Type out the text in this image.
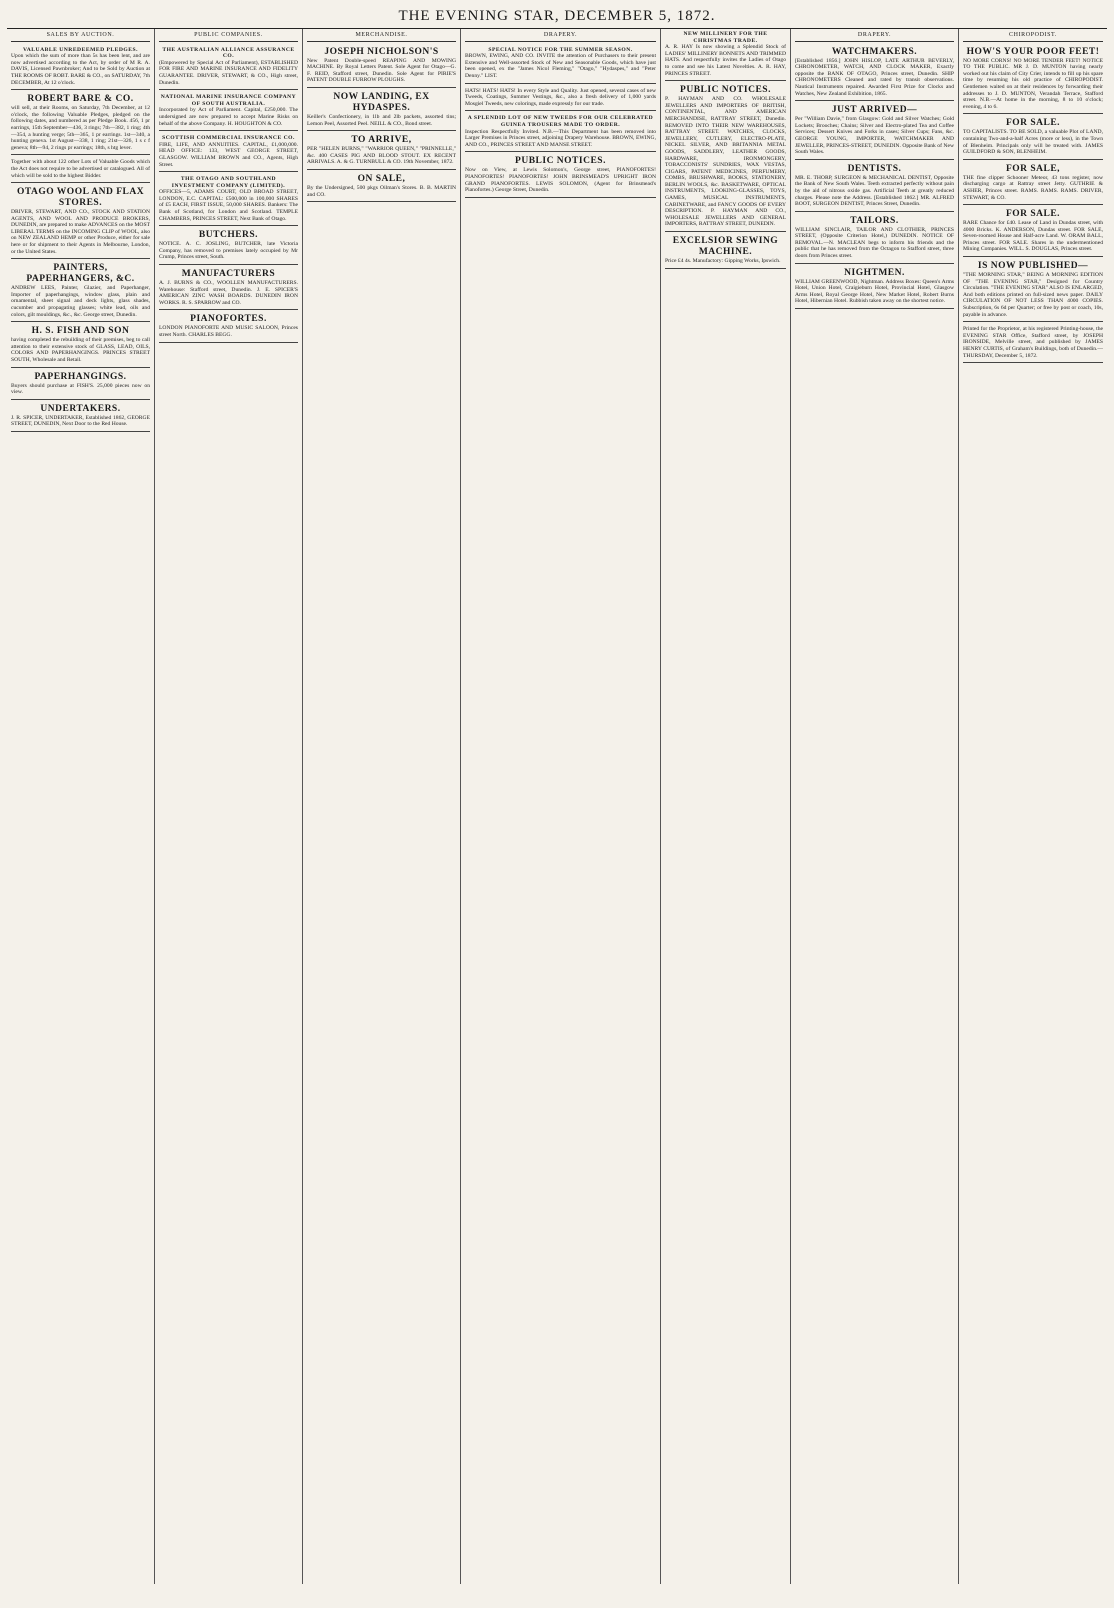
THE EVENING STAR, DECEMBER 5, 1872.
SALES BY AUCTION.
VALUABLE UNREDEEMED PLEDGES.
Upon which the sum of more than 5s has been lent, and are now advertised according to the Act, by order of M R. A. DAVIS, Licensed Pawnbroker; And to be Sold by Auction at THE ROOMS OF ROBT. BARE & CO., on SATURDAY, 7th DECEMBER, At 12 o'clock.
ROBERT BARE & CO.
will sell, at their Rooms, on Saturday, 7th December, at 12 o'clock, the following Valuable Pledges, pledged on the following dates, and numbered as per Pledge Book. 456, 1 pr earrings, 15th September—436, 3 rings; 7th—382, 1 ring; 4th—354, a hunting verge; 5th—365, 1 pr earrings. 1st—340, a hunting geneva. 1st August—338, 1 ring; 21st—326, 1 s c f geneva; 8th—94, 2 rings pr earrings; 18th, s htg lever.
Together with about 122 other Lots of Valuable Goods which the Act does not require to be advertised or catalogued. All of which will be sold to the highest Bidder.
OTAGO WOOL AND FLAX STORES.
DRIVER, STEWART, AND CO., STOCK AND STATION AGENTS, AND WOOL AND PRODUCE BROKERS, DUNEDIN, are prepared to make ADVANCES on the MOST LIBERAL TERMS on the INCOMING CLIP of WOOL, also on NEW ZEALAND HEMP or other Produce, either for sale here or for shipment to their Agents in Melbourne, London, or the United States.
PAINTERS, PAPERHANGERS, &C.
ANDREW LEES, Painter, Glazier, and Paperhanger, Importer of paperhangings, window glass, plain and ornamental, sheet signal and deck lights, glass shades, cucumber and propagating glasses; white lead, oils and colors, gilt mouldings, &c., &c. George street, Dunedin.
H. S. FISH AND SON
having completed the rebuilding of their premises, beg to call attention to their extensive stock of GLASS, LEAD, OILS, COLORS AND PAPERHANGINGS. PRINCES STREET SOUTH, Wholesale and Retail.
PAPERHANGINGS.
Buyers should purchase at FISH'S. 25,000 pieces now on view.
UNDERTAKERS.
J. R. SPICER, UNDERTAKER, Established 1862, GEORGE STREET, DUNEDIN, Next Door to the Red House.
PUBLIC COMPANIES.
THE AUSTRALIAN ALLIANCE ASSURANCE CO.
(Empowered by Special Act of Parliament), ESTABLISHED FOR FIRE AND MARINE INSURANCE AND FIDELITY GUARANTEE. DRIVER, STEWART, & CO., High street, Dunedin.
NATIONAL MARINE INSURANCE COMPANY OF SOUTH AUSTRALIA.
Incorporated by Act of Parliament. Capital, £250,000. The undersigned are now prepared to accept Marine Risks on behalf of the above Company. H. HOUGHTON & CO.
SCOTTISH COMMERCIAL INSURANCE CO.
FIRE, LIFE, AND ANNUITIES. CAPITAL, £1,000,000. HEAD OFFICE: 133, WEST GEORGE STREET, GLASGOW. WILLIAM BROWN and CO., Agents, High Street.
THE OTAGO AND SOUTHLAND INVESTMENT COMPANY (LIMITED).
OFFICES—5, ADAMS COURT, OLD BROAD STREET, LONDON, E.C. CAPITAL: £500,000 in 100,000 SHARES of £5 EACH, FIRST ISSUE, 50,000 SHARES. Bankers: The Bank of Scotland, for London and Scotland. TEMPLE CHAMBERS, PRINCES STREET, Next Bank of Otago.
BUTCHERS.
NOTICE. A. C. JOSLING, BUTCHER, late Victoria Company, has removed to premises lately occupied by Mr Crump, Princes street, South.
MANUFACTURERS
A. J. BURNS & CO., WOOLLEN MANUFACTURERS. Warehouse: Stafford street, Dunedin. J. E. SPICER'S AMERICAN ZINC WASH BOARDS. DUNEDIN IRON WORKS. R. S. SPARROW and CO.
PIANOFORTES.
LONDON PIANOFORTE AND MUSIC SALOON, Princes street North. CHARLES BEGG.
MERCHANDISE.
JOSEPH NICHOLSON'S
New Patent Double-speed REAPING AND MOWING MACHINE. By Royal Letters Patent. Sole Agent for Otago—G. F. REID, Stafford street, Dunedin. Sole Agent for PIRIE'S PATENT DOUBLE FURROW PLOUGHS.
NOW LANDING, EX HYDASPES.
Keiller's Confectionery, in 1lb and 2lb packets, assorted tins; Lemon Peel, Assorted Peel. NEILL & CO., Bond street.
TO ARRIVE,
PER "HELEN BURNS," "WARRIOR QUEEN," "PRINNELLE," &c. 400 CASES PIG AND BLOOD STOUT. EX RECENT ARRIVALS. A. & G. TURNBULL & CO. 19th November, 1872.
ON SALE,
By the Undersigned, 500 pkgs Oilman's Stores. B. B. MARTIN and CO.
DRAPERY.
SPECIAL NOTICE FOR THE SUMMER SEASON.
BROWN, EWING, AND CO. INVITE the attention of Purchasers to their present Extensive and Well-assorted Stock of New and Seasonable Goods, which have just been opened, ex the "James Nicol Fleming," "Otago," "Hydaspes," and "Peter Denny." LIST.
HATS! HATS! HATS! In every Style and Quality. Just opened, several cases of new Tweeds, Coatings, Summer Vestings, &c., also a fresh delivery of 1,000 yards Mosgiel Tweeds, new colorings, made expressly for our trade.
A SPLENDID LOT OF NEW TWEEDS FOR OUR CELEBRATED GUINEA TROUSERS MADE TO ORDER.
Inspection Respectfully Invited. N.B.—This Department has been removed into Larger Premises in Princes street, adjoining Drapery Warehouse. BROWN, EWING, AND CO., PRINCES STREET AND MANSE STREET.
PUBLIC NOTICES.
Now on View, at Lewis Solomon's, George street, PIANOFORTES! PIANOFORTES! PIANOFORTES! JOHN BRINSMEAD'S UPRIGHT IRON GRAND PIANOFORTES. LEWIS SOLOMON, (Agent for Brinsmead's Pianofortes.) George Street, Dunedin.
NEW MILLINERY FOR THE CHRISTMAS TRADE.
A. R. HAY Is now showing a Splendid Stock of LADIES' MILLINERY BONNETS AND TRIMMED HATS. And respectfully invites the Ladies of Otago to come and see his Latest Novelties. A. R. HAY, PRINCES STREET.
PUBLIC NOTICES.
P. HAYMAN AND CO. WHOLESALE JEWELLERS AND IMPORTERS OF BRITISH, CONTINENTAL, AND AMERICAN MERCHANDISE, RATTRAY STREET, Dunedin. REMOVED INTO THEIR NEW WAREHOUSES, RATTRAY STREET. WATCHES, CLOCKS, JEWELLERY, CUTLERY, ELECTRO-PLATE, NICKEL SILVER, AND BRITANNIA METAL GOODS, SADDLERY, LEATHER GOODS, HARDWARE, IRONMONGERY, TOBACCONISTS' SUNDRIES, WAX VESTAS, CIGARS, PATENT MEDICINES, PERFUMERY, COMBS, BRUSHWARE, BOOKS, STATIONERY, BERLIN WOOLS, &c. BASKETWARE, OPTICAL INSTRUMENTS, LOOKING-GLASSES, TOYS, GAMES, MUSICAL INSTRUMENTS, CABINETWARE, and FANCY GOODS OF EVERY DESCRIPTION. P. HAYMAN AND CO., WHOLESALE JEWELLERS AND GENERAL IMPORTERS, RATTRAY STREET, DUNEDIN.
EXCELSIOR SEWING MACHINE.
Price £4 4s. Manufactory: Gipping Works, Ipswich.
DRAPERY.
WATCHMAKERS.
[Established 1856.] JOHN HISLOP, LATE ARTHUR BEVERLY, CHRONOMETER, WATCH, AND CLOCK MAKER, Exactly opposite the BANK OF OTAGO, Princes street, Dunedin. SHIP CHRONOMETERS Cleaned and rated by transit observations. Nautical Instruments repaired. Awarded First Prize for Clocks and Watches, New Zealand Exhibition, 1865.
JUST ARRIVED—
Per "William Davie," from Glasgow: Gold and Silver Watches; Gold Lockets; Brooches; Chains; Silver and Electro-plated Tea and Coffee Services; Dessert Knives and Forks in cases; Silver Cups; Fans, &c. GEORGE YOUNG, IMPORTER, WATCHMAKER AND JEWELLER, PRINCES-STREET, DUNEDIN. Opposite Bank of New South Wales.
DENTISTS.
MR. E. THORP, SURGEON & MECHANICAL DENTIST, Opposite the Bank of New South Wales. Teeth extracted perfectly without pain by the aid of nitrous oxide gas. Artificial Teeth at greatly reduced charges. Please note the Address. [Established 1862.] MR. ALFRED BOOT, SURGEON DENTIST, Princes Street, Dunedin.
TAILORS.
WILLIAM SINCLAIR, TAILOR AND CLOTHIER, PRINCES STREET, (Opposite Criterion Hotel,) DUNEDIN. NOTICE OF REMOVAL.—N. MACLEAN begs to inform his friends and the public that he has removed from the Octagon to Stafford street, three doors from Princes street.
NIGHTMEN.
WILLIAM GREENWOOD, Nightman. Address Boxes: Queen's Arms Hotel, Union Hotel, Craigieburn Hotel, Provincial Hotel, Glasgow Arms Hotel, Royal George Hotel, New Market Hotel, Robert Burns Hotel, Hibernian Hotel. Rubbish taken away on the shortest notice.
CHIROPODIST.
HOW'S YOUR POOR FEET!
NO MORE CORNS! NO MORE TENDER FEET! NOTICE TO THE PUBLIC. MR J. D. MUNTON having nearly worked out his claim of City Crier, intends to fill up his spare time by resuming his old practice of CHIROPODIST. Gentlemen waited on at their residences by forwarding their addresses to J. D. MUNTON, Verandah Terrace, Stafford street. N.B.—At home in the morning, 8 to 10 o'clock; evening, 4 to 6.
FOR SALE.
TO CAPITALISTS. TO BE SOLD, a valuable Plot of LAND, containing Two-and-a-half Acres (more or less), in the Town of Blenheim. Principals only will be treated with. JAMES GUILDFORD & SON, BLENHEIM.
FOR SALE,
THE fine clipper Schooner Meteor, 43 tons register, now discharging cargo at Rattray street Jetty. GUTHRIE & ASHER, Princes street. RAMS. RAMS. RAMS. DRIVER, STEWART, & CO.
FOR SALE.
RARE Chance for £40. Lease of Land in Dundas street, with 4000 Bricks. K. ANDERSON, Dundas street. FOR SALE, Seven-roomed House and Half-acre Land. W. ORAM BALL, Princes street. FOR SALE. Shares in the undermentioned Mining Companies. WILL. S. DOUGLAS, Princes street.
IS NOW PUBLISHED—
"THE MORNING STAR," BEING A MORNING EDITION OF "THE EVENING STAR," Designed for Country Circulation. "THE EVENING STAR" ALSO IS ENLARGED, And both editions printed on full-sized news paper. DAILY CIRCULATION OF NOT LESS THAN 4000 COPIES. Subscription, 6s 6d per Quarter; or free by post or coach, 10s, payable in advance.
Printed for the Proprietor, at his registered Printing-house, the EVENING STAR Office, Stafford street, by JOSEPH IRONSIDE, Melville street, and published by JAMES HENRY CURTIS, of Graham's Buildings, both of Dunedin.—THURSDAY, December 5, 1872.
